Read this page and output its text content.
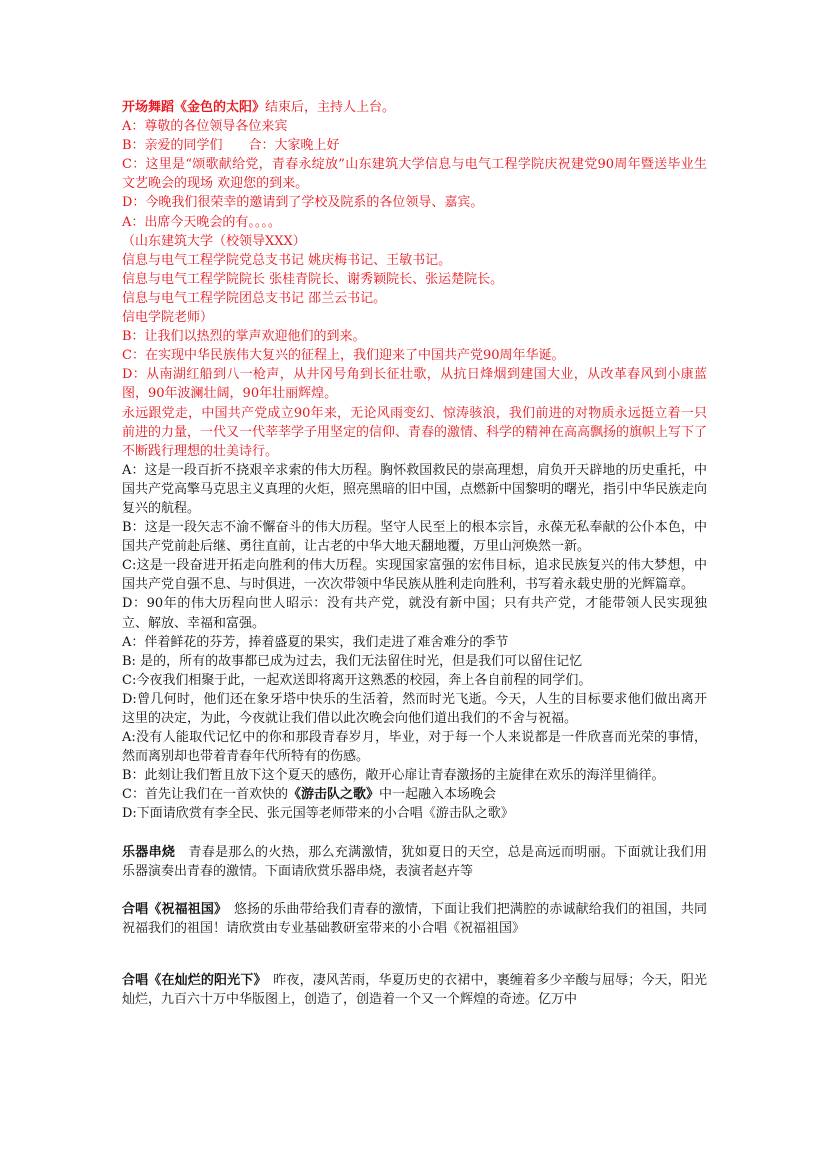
开场舞蹈《金色的太阳》结束后，主持人上台。

A：尊敬的各位领导各位来宾

B：亲爱的同学们　　合：大家晚上好

C：这里是“颂歌献给党，青春永绽放”山东建筑大学信息与电气工程学院庆祝建党90周年暨送毕业生文艺晚会的现场 欢迎您的到来。

D：今晚我们很荣幸的邀请到了学校及院系的各位领导、嘉宾。

A：出席今天晚会的有。。。。

（山东建筑大学（校领导XXX）

信息与电气工程学院党总支书记 姚庆梅书记、王敏书记。

信息与电气工程学院院长 张桂青院长、谢秀颖院长、张运楚院长。

信息与电气工程学院团总支书记 邵兰云书记。

信电学院老师）

B：让我们以热烈的掌声欢迎他们的到来。

C：在实现中华民族伟大复兴的征程上，我们迎来了中国共产党90周年华诞。

D：从南湖红船到八一枪声，从井冈号角到长征壮歌，从抗日烽烟到建国大业，从改革春风到小康蓝图，90年波澜壮阔，90年壮丽辉煌。

永远跟党走，中国共产党成立90年来，无论风雨变幻、惊涛骇浪，我们前进的对物质永远挺立着一只前进的力量，一代又一代莘莘学子用坚定的信仰、青春的激情、科学的精神在高高飘扬的旗帜上写下了不断践行理想的壮美诗行。

A：这是一段百折不挠艰辛求索的伟大历程。胸怀救国救民的崇高理想，肩负开天辟地的历史重托，中国共产党高擎马克思主义真理的火炬，照亮黑暗的旧中国，点燃新中国黎明的曙光，指引中华民族走向复兴的航程。

B：这是一段矢志不渝不懈奋斗的伟大历程。坚守人民至上的根本宗旨，永葆无私奉献的公仆本色，中国共产党前赴后继、勇往直前，让古老的中华大地天翻地覆，万里山河焕然一新。

C:这是一段奋进开拓走向胜利的伟大历程。实现国家富强的宏伟目标，追求民族复兴的伟大梦想，中国共产党自强不息、与时俱进，一次次带领中华民族从胜利走向胜利，书写着永载史册的光辉篇章。

D：90年的伟大历程向世人昭示：没有共产党，就没有新中国；只有共产党，才能带领人民实现独立、解放、幸福和富强。

A：伴着鲜花的芬芳，捧着盛夏的果实，我们走进了难舍难分的季节

B: 是的，所有的故事都已成为过去，我们无法留住时光，但是我们可以留住记忆

C:今夜我们相聚于此，一起欢送即将离开这熟悉的校园，奔上各自前程的同学们。

D:曾几何时，他们还在象牙塔中快乐的生活着，然而时光飞逝。今天，人生的目标要求他们做出离开这里的决定，为此，今夜就让我们借以此次晚会向他们道出我们的不舍与祝福。

A:没有人能取代记忆中的你和那段青春岁月，毕业，对于每一个人来说都是一件欣喜而光荣的事情，然而离别却也带着青春年代所特有的伤感。

B：此刻让我们暂且放下这个夏天的感伤，敞开心扉让青春激扬的主旋律在欢乐的海洋里徜徉。

C：首先让我们在一首欢快的《游击队之歌》中一起融入本场晚会

D:下面请欣赏有李全民、张元国等老师带来的小合唱《游击队之歌》

乐器串烧　青春是那么的火热，那么充满激情，犹如夏日的天空，总是高远而明丽。下面就让我们用乐器演奏出青春的激情。下面请欣赏乐器串烧，表演者赵卉等

合唱《祝福祖国》　悠扬的乐曲带给我们青春的激情，下面让我们把满腔的赤诚献给我们的祖国，共同祝福我们的祖国！请欣赏由专业基础教研室带来的小合唱《祝福祖国》

合唱《在灿烂的阳光下》　昨夜，凄风苦雨，华夏历史的衣裙中，裹缠着多少辛酸与屈辱；今天，阳光灿烂，九百六十万中华版图上，创造了，创造着一个又一个辉煌的奇迹。亿万中
